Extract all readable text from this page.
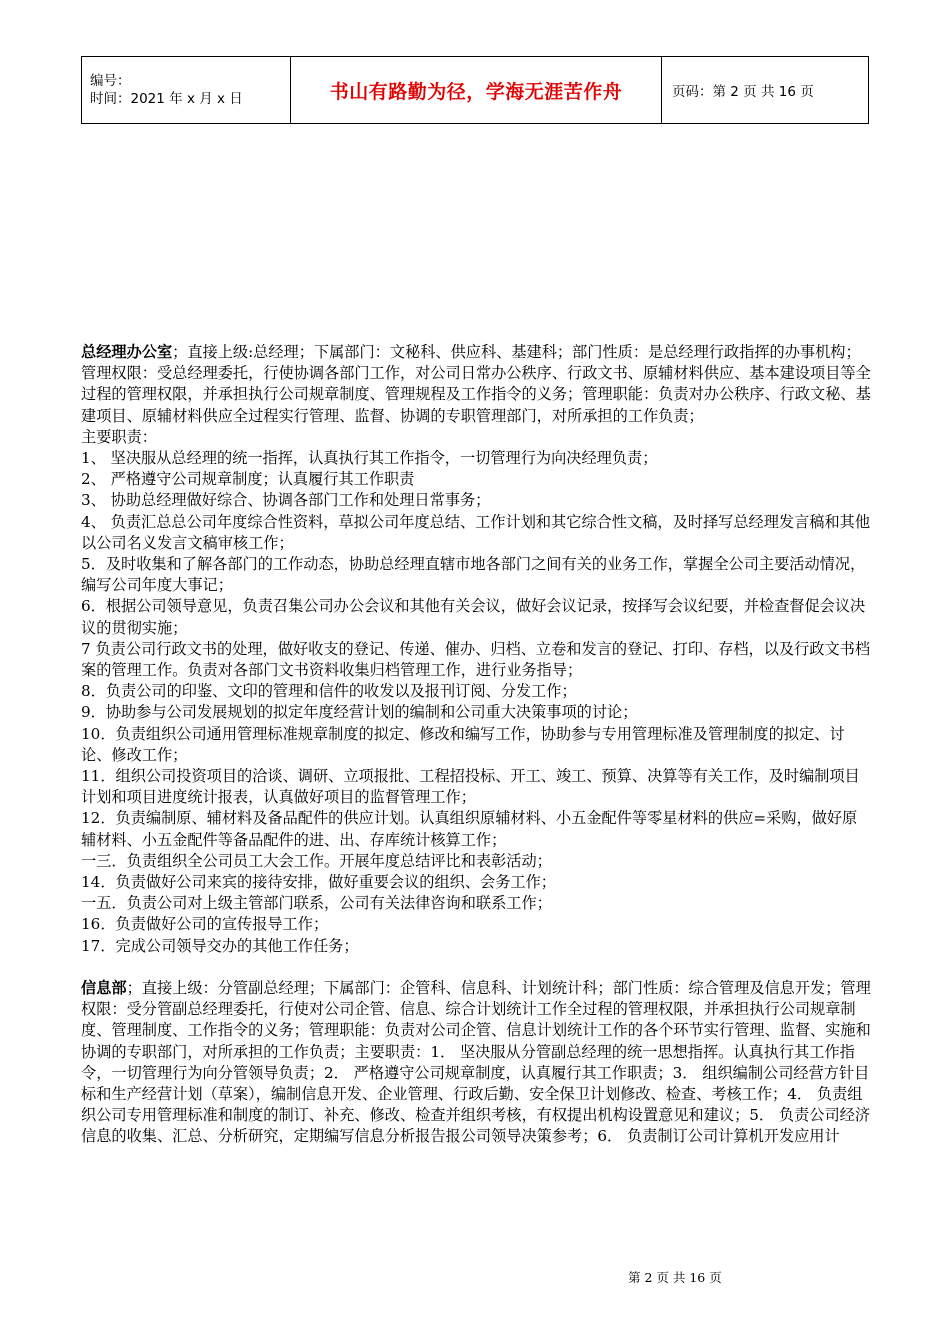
编号：
时间：2021 年 x 月 x 日	书山有路勤为径，学海无涯苦作舟	页码：第 2 页 共 16 页

总经理办公室；直接上级:总经理；下属部门：文秘科、供应科、基建科；部门性质：是总经理行政指挥的办事机构；管理权限：受总经理委托，行使协调各部门工作，对公司日常办公秩序、行政文书、原辅材料供应、基本建设项目等全过程的管理权限，并承担执行公司规章制度、管理规程及工作指令的义务；管理职能：负责对办公秩序、行政文秘、基建项目、原辅材料供应全过程实行管理、监督、协调的专职管理部门，对所承担的工作负责；

主要职责：

1、 坚决服从总经理的统一指挥，认真执行其工作指令，一切管理行为向决经理负责；

2、 严格遵守公司规章制度；认真履行其工作职责

3、 协助总经理做好综合、协调各部门工作和处理日常事务；

4、 负责汇总总公司年度综合性资料，草拟公司年度总结、工作计划和其它综合性文稿，及时择写总经理发言稿和其他以公司名义发言文稿审核工作；

5．及时收集和了解各部门的工作动态，协助总经理直辖市地各部门之间有关的业务工作，掌握全公司主要活动情况，编写公司年度大事记；

6．根据公司领导意见，负责召集公司办公会议和其他有关会议，做好会议记录，按择写会议纪要，并检查督促会议决议的贯彻实施；

7 负责公司行政文书的处理，做好收支的登记、传递、催办、归档、立卷和发言的登记、打印、存档，以及行政文书档案的管理工作。负责对各部门文书资料收集归档管理工作，进行业务指导；

8．负责公司的印鉴、文印的管理和信件的收发以及报刊订阅、分发工作；

9．协助参与公司发展规划的拟定年度经营计划的编制和公司重大决策事项的讨论；

10．负责组织公司通用管理标准规章制度的拟定、修改和编写工作，协助参与专用管理标准及管理制度的拟定、讨论、修改工作；

11．组织公司投资项目的洽谈、调研、立项报批、工程招投标、开工、竣工、预算、决算等有关工作，及时编制项目计划和项目进度统计报表，认真做好项目的监督管理工作；

12．负责编制原、辅材料及备品配件的供应计划。认真组织原辅材料、小五金配件等零星材料的供应=采购，做好原辅材料、小五金配件等备品配件的进、出、存库统计核算工作；

一三．负责组织全公司员工大会工作。开展年度总结评比和表彰活动；

14．负责做好公司来宾的接待安排，做好重要会议的组织、会务工作；

一五．负责公司对上级主管部门联系，公司有关法律咨询和联系工作；

16．负责做好公司的宣传报导工作；

17．完成公司领导交办的其他工作任务；

信息部；直接上级：分管副总经理；下属部门：企管科、信息科、计划统计科；部门性质：综合管理及信息开发；管理权限：受分管副总经理委托，行使对公司企管、信息、综合计划统计工作全过程的管理权限，并承担执行公司规章制度、管理制度、工作指令的义务；管理职能：负责对公司企管、信息计划统计工作的各个环节实行管理、监督、实施和协调的专职部门，对所承担的工作负责；主要职责：1． 坚决服从分管副总经理的统一思想指挥。认真执行其工作指令，一切管理行为向分管领导负责；2． 严格遵守公司规章制度，认真履行其工作职责；3． 组织编制公司经营方针目标和生产经营计划（草案），编制信息开发、企业管理、行政后勤、安全保卫计划修改、检查、考核工作；4． 负责组织公司专用管理标准和制度的制订、补充、修改、检查并组织考核，有权提出机构设置意见和建议；5． 负责公司经济信息的收集、汇总、分析研究，定期编写信息分析报告报公司领导决策参考；6． 负责制订公司计算机开发应用计

第 2 页 共 16 页
